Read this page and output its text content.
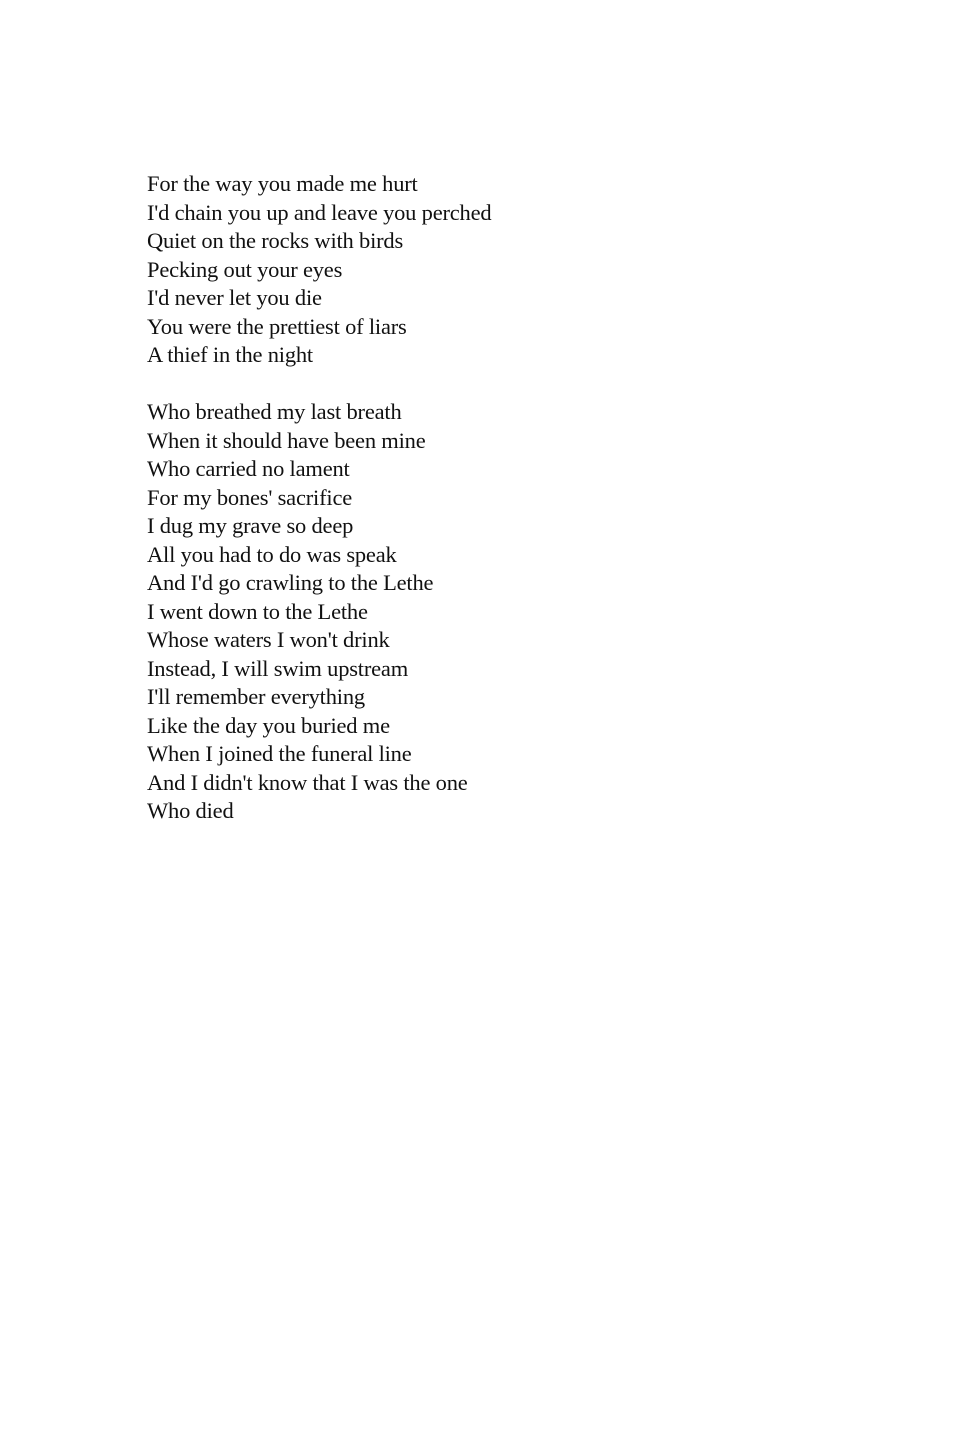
For the way you made me hurt
I'd chain you up and leave you perched
Quiet on the rocks with birds
Pecking out your eyes
I'd never let you die
You were the prettiest of liars
A thief in the night
Who breathed my last breath
When it should have been mine
Who carried no lament
For my bones' sacrifice
I dug my grave so deep
All you had to do was speak
And I'd go crawling to the Lethe
I went down to the Lethe
Whose waters I won't drink
Instead, I will swim upstream
I'll remember everything
Like the day you buried me
When I joined the funeral line
And I didn't know that I was the one
Who died
